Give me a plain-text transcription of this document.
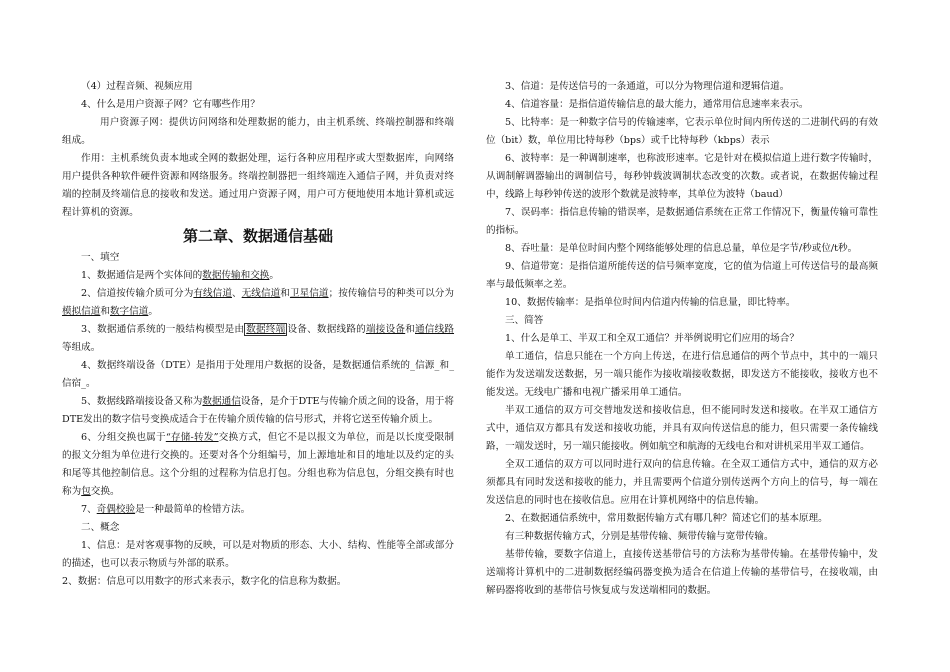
（4）过程音频、视频应用

4、什么是用户资源子网？它有哪些作用？

用户资源子网：提供访问网络和处理数据的能力，由主机系统、终端控制器和终端组成。

作用：主机系统负责本地或全网的数据处理，运行各种应用程序或大型数据库，向网络用户提供各种软件硬件资源和网络服务。终端控制器把一组终端连入通信子网，并负责对终端的控制及终端信息的接收和发送。通过用户资源子网，用户可方便地使用本地计算机或远程计算机的资源。

第二章、数据通信基础

一、填空

1、数据通信是两个实体间的数据传输和交换。

2、信道按传输介质可分为有线信道、无线信道和卫星信道；按传输信号的种类可以分为模拟信道和数字信道。

3、数据通信系统的一般结构模型是由 数据终端 设备、数据线路的端接设备和通信线路等组成。

4、数据终端设备（DTE）是指用于处理用户数据的设备，是数据通信系统的_信源_和_信宿_。

5、数据线路端接设备又称为数据通信设备，是介于DTE与传输介质之间的设备，用于将DTE发出的数字信号变换成适合于在传输介质传输的信号形式，并将它送至传输介质上。

6、分组交换也属于“存储-转发”交换方式，但它不是以报文为单位，而是以长度受限制的报文分组为单位进行交换的。还要对各个分组编号，加上源地址和目的地址以及约定的头和尾等其他控制信息。这个分组的过程称为信息打包。分组也称为信息包，分组交换有时也称为包交换。

7、奇偶校验是一种最简单的检错方法。

二、概念

1、信息：是对客观事物的反映，可以是对物质的形态、大小、结构、性能等全部或部分的描述，也可以表示物质与外部的联系。

2、数据：信息可以用数字的形式来表示，数字化的信息称为数据。

3、信道：是传送信号的一条通道，可以分为物理信道和逻辑信道。

4、信道容量：是指信道传输信息的最大能力，通常用信息速率来表示。

5、比特率：是一种数字信号的传输速率，它表示单位时间内所传送的二进制代码的有效位（bit）数，单位用比特每秒（bps）或千比特每秒（kbps）表示

6、波特率：是一种调制速率，也称波形速率。它是针对在模拟信道上进行数字传输时，从调制解调器输出的调制信号，每秒钟载波调制状态改变的次数。或者说，在数据传输过程中，线路上每秒钟传送的波形个数就是波特率，其单位为波特（baud）

7、误码率：指信息传输的错误率，是数据通信系统在正常工作情况下，衡量传输可靠性的指标。

8、吞吐量：是单位时间内整个网络能够处理的信息总量，单位是字节/秒或位/t秒。

9、信道带宽：是指信道所能传送的信号频率宽度，它的值为信道上可传送信号的最高频率与最低频率之差。

10、数据传输率：是指单位时间内信道内传输的信息量，即比特率。

三、简答

1、什么是单工、半双工和全双工通信？并举例说明它们应用的场合？

单工通信，信息只能在一个方向上传送，在进行信息通信的两个节点中，其中的一端只能作为发送端发送数据，另一端只能作为接收端接收数据，即发送方不能接收，接收方也不能发送。无线电广播和电视广播采用单工通信。

半双工通信的双方可交替地发送和接收信息，但不能同时发送和接收。在半双工通信方式中，通信双方都具有发送和接收功能，并具有双向传送信息的能力，但只需要一条传输线路，一端发送时，另一端只能接收。例如航空和航海的无线电台和对讲机采用半双工通信。

全双工通信的双方可以同时进行双向的信息传输。在全双工通信方式中，通信的双方必须都具有同时发送和接收的能力，并且需要两个信道分别传送两个方向上的信号，每一端在发送信息的同时也在接收信息。应用在计算机网络中的信息传输。

2、在数据通信系统中，常用数据传输方式有哪几种？简述它们的基本原理。

有三种数据传输方式，分别是基带传输、频带传输与宽带传输。

基带传输，要数字信道上，直接传送基带信号的方法称为基带传输。在基带传输中，发送端将计算机中的二进制数据经编码器变换为适合在信道上传输的基带信号，在接收端，由解码器将收到的基带信号恢复成与发送端相同的数据。
